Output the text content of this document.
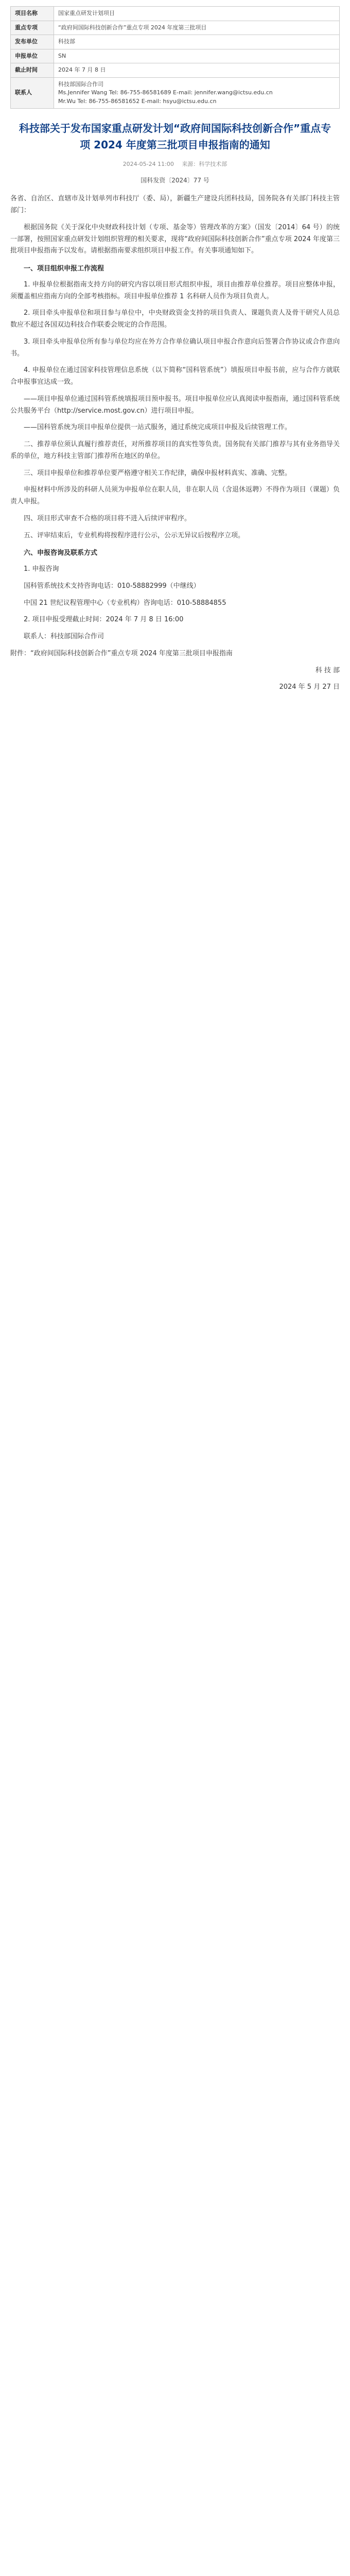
项目名称	国家重点研发计划项目

重点专项	“政府间国际科技创新合作”重点专项 2024 年度第三批项目

发布单位	科技部

申报单位	SN

截止时间	2024 年 7 月 8 日

联系人	科技部国际合作司
Ms.Jennifer Wang Tel: 86-755-86581689 E-mail: jennifer.wang@ictsu.edu.cn
Mr.Wu Tel: 86-755-86581652 E-mail: hsyu@ictsu.edu.cn
科技部关于发布国家重点研发计划“政府间国际科技创新合作”重点专项 2024 年度第三批项目申报指南的通知
2024-05-24 11:00 来源：科学技术部
国科发资〔2024〕77 号

各省、自治区、直辖市及计划单列市科技厅（委、局），新疆生产建设兵团科技局，国务院各有关部门科技主管部门：

根据国务院《关于深化中央财政科技计划（专项、基金等）管理改革的方案》（国发〔2014〕64 号）的统一部署，按照国家重点研发计划组织管理的相关要求，现将“政府间国际科技创新合作”重点专项 2024 年度第三批项目申报指南予以发布。请根据指南要求组织项目申报工作。有关事项通知如下。

一、项目组织申报工作流程

1. 申报单位根据指南支持方向的研究内容以项目形式组织申报，项目由推荐单位推荐。项目应整体申报，须覆盖相应指南方向的全部考核指标。项目申报单位推荐 1 名科研人员作为项目负责人。

2. 项目牵头申报单位和项目参与单位中，中央财政资金支持的项目负责人、课题负责人及骨干研究人员总数应不超过各国双边科技合作联委会规定的合作范围。

3. 项目牵头申报单位所有参与单位均应在外方合作单位确认项目申报合作意向后签署合作协议或合作意向书。

4. 申报单位在通过国家科技管理信息系统（以下简称“国科管系统”）填报项目申报书前，应与合作方就联合申报事宜达成一致。

——项目申报单位通过国科管系统填报项目预申报书。项目申报单位应认真阅读申报指南，通过国科管系统公共服务平台（http://service.most.gov.cn）进行项目申报。

——国科管系统为项目申报单位提供一站式服务，通过系统完成项目申报及后续管理工作。

二、推荐单位须认真履行推荐责任，对所推荐项目的真实性等负责。国务院有关部门推荐与其有业务指导关系的单位，地方科技主管部门推荐所在地区的单位。

三、项目申报单位和推荐单位要严格遵守相关工作纪律，确保申报材料真实、准确、完整。

申报材料中所涉及的科研人员须为申报单位在职人员，非在职人员（含退休返聘）不得作为项目（课题）负责人申报。

四、项目形式审查不合格的项目将不进入后续评审程序。

五、评审结束后，专业机构将按程序进行公示，公示无异议后按程序立项。

六、申报咨询及联系方式

1. 申报咨询

国科管系统技术支持咨询电话：010-58882999（中继线）

中国 21 世纪议程管理中心（专业机构）咨询电话：010-58884855

2. 项目申报受理截止时间：2024 年 7 月 8 日 16:00

联系人：科技部国际合作司

附件：“政府间国际科技创新合作”重点专项 2024 年度第三批项目申报指南

科 技 部

2024 年 5 月 27 日
